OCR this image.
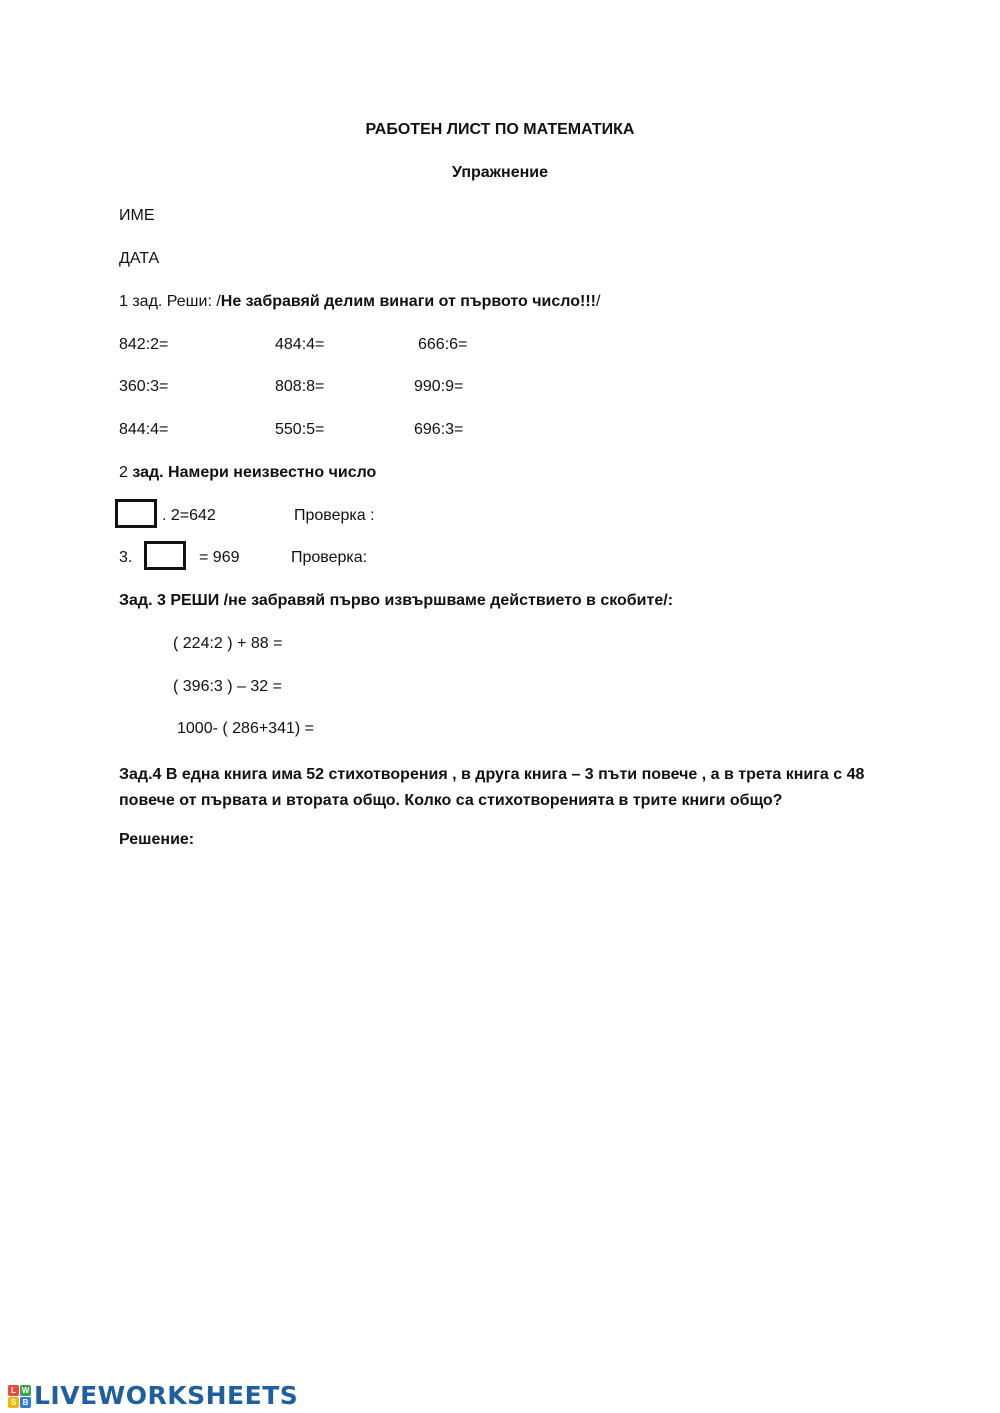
РАБОТЕН ЛИСТ ПО МАТЕМАТИКА
Упражнение
ИМЕ
ДАТА
1 зад. Реши: /Не забравяй делим винаги от първото число!!!/
842:2=	484:4=	666:6=
360:3=	808:8=	990:9=
844:4=	550:5=	696:3=
2 зад. Намери неизвестно число
. 2=642	Проверка :
3.	= 969	Проверка:
Зад. 3 РЕШИ /не забравяй първо извършваме действието в скобите/:
( 224:2 ) + 88 =
( 396:3 ) – 32 =
1000- ( 286+341) =
Зад.4 В една книга има 52 стихотворения , в друга книга – 3 пъти повече , а в трета книга с 48 повече от първата и втората общо. Колко са стихотворенията в трите книги общо?
Решение:
L W
S B LIVEWORKSHEETS
